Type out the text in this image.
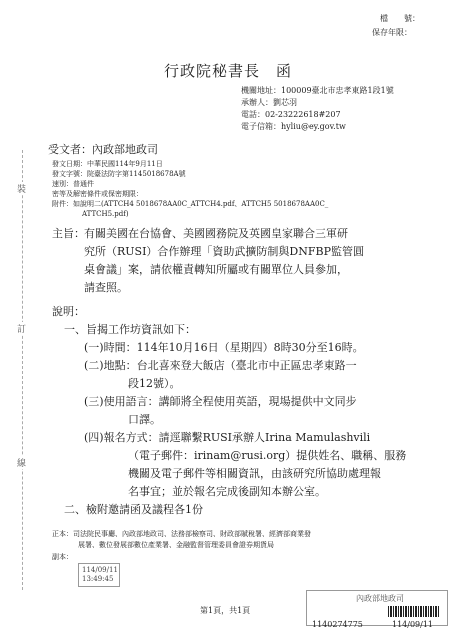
裝
訂
線
檔　　號：
保存年限：
行政院秘書長　函
機關地址：100009臺北市忠孝東路1段1號
承辦人：劉芯羽
電話：02-23222618#207
電子信箱：hyliu@ey.gov.tw
受文者：內政部地政司
發文日期：中華民國114年9月11日
發文字號：院臺法防字第1145018678A號
速別：普通件
密等及解密條件或保密期限：
附件：如說明二(ATTCH4 5018678AA0C_ATTCH4.pdf、ATTCH5 5018678AA0C_
ATTCH5.pdf)
主旨： 有關美國在台協會、美國國務院及英國皇家聯合三軍研
究所（RUSI）合作辦理「資助武擴防制與DNFBP監管圓
桌會議」案，請依權責轉知所屬或有關單位人員參加，
請查照。
說明：
一、旨揭工作坊資訊如下：
(一)時間：114年10月16日（星期四）8時30分至16時。
(二)地點：台北喜來登大飯店（臺北市中正區忠孝東路一
段12號）。
(三)使用語言：講師將全程使用英語，現場提供中文同步
口譯。
(四)報名方式：請逕聯繫RUSI承辦人Irina Mamulashvili
（電子郵件：irinam@rusi.org）提供姓名、職稱、服務
機關及電子郵件等相關資訊，由該研究所協助處理報
名事宜；並於報名完成後副知本辦公室。
二、檢附邀請函及議程各1份
正本：司法院民事廳、內政部地政司、法務部檢察司、財政部賦稅署、經濟部商業發
展署、數位發展部數位產業署、金融監督管理委員會證券期貨局
副本：
114/09/11
13:49:45
內政部地政司
第1頁，共1頁
1140274775	114/09/11
